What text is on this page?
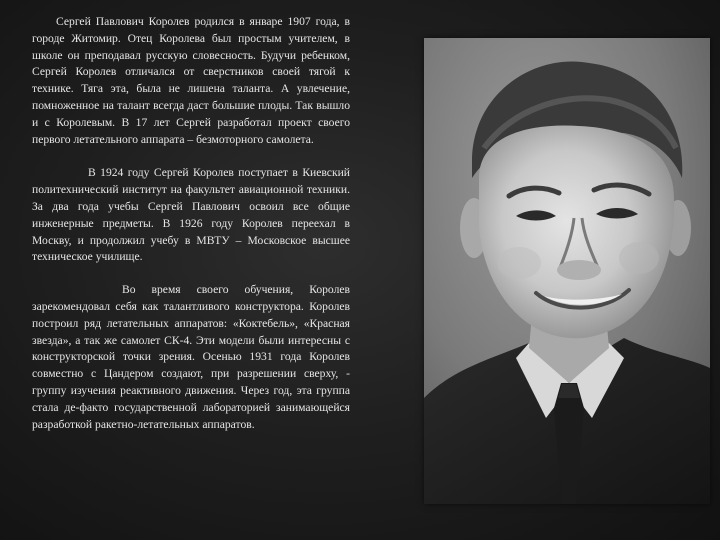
Сергей Павлович Королев родился в январе 1907 года, в городе Житомир. Отец Королева был простым учителем, в школе он преподавал русскую словесность. Будучи ребенком, Сергей Королев отличался от сверстников своей тягой к технике. Тяга эта, была не лишена таланта. А увлечение, помноженное на талант всегда даст большие плоды. Так вышло и с Королевым. В 17 лет Сергей разработал проект своего первого летательного аппарата – безмоторного самолета.

В 1924 году Сергей Королев поступает в Киевский политехнический институт на факультет авиационной техники. За два года учебы Сергей Павлович освоил все общие инженерные предметы. В 1926 году Королев переехал в Москву, и продолжил учебу в МВТУ – Московское высшее техническое училище.

Во время своего обучения, Королев зарекомендовал себя как талантливого конструктора. Королев построил ряд летательных аппаратов: «Коктебель», «Красная звезда», а так же самолет СК-4. Эти модели были интересны с конструкторской точки зрения. Осенью 1931 года Королев совместно с Цандером создают, при разрешении сверху, - группу изучения реактивного движения. Через год, эта группа стала де-факто государственной лабораторией занимающейся разработкой ракетно-летательных аппаратов.
